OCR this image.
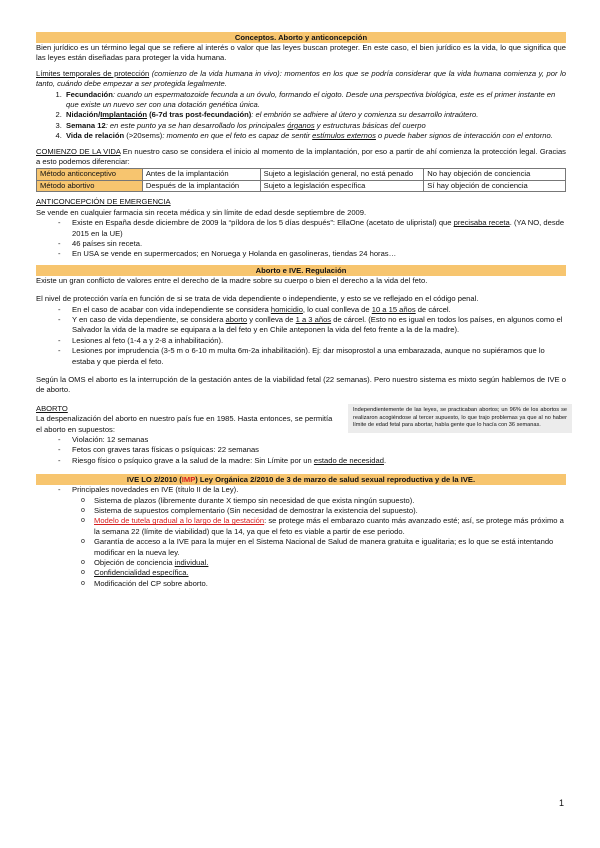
Conceptos. Aborto y anticoncepción

Bien jurídico es un término legal que se refiere al interés o valor que las leyes buscan proteger. En este caso, el bien jurídico es la vida, lo que significa que las leyes están diseñadas para proteger la vida humana.

Límites temporales de protección (comienzo de la vida humana in vivo): momentos en los que se podría considerar que la vida humana comienza y, por lo tanto, cuándo debe empezar a ser protegida legalmente.

1. Fecundación: cuando un espermatozoide fecunda a un óvulo, formando el cigoto. Desde una perspectiva biológica, este es el primer instante en que existe un nuevo ser con una dotación genética única.
2. Nidación/Implantación (6-7d tras post-fecundación): el embrión se adhiere al útero y comienza su desarrollo intraútero.
3. Semana 12: en este punto ya se han desarrollado los principales órganos y estructuras básicas del cuerpo
4. Vida de relación (>20sems): momento en que el feto es capaz de sentir estímulos externos o puede haber signos de interacción con el entorno.

COMIENZO DE LA VIDA En nuestro caso se considera el inicio al momento de la implantación, por eso a partir de ahí comienza la protección legal. Gracias a esto podemos diferenciar:

Método anticonceptivo	Antes de la implantación	Sujeto a legislación general, no está penado	No hay objeción de conciencia
Método abortivo	Después de la implantación	Sujeto a legislación específica	Sí hay objeción de conciencia

ANTICONCEPCIÓN DE EMERGENCIA

Se vende en cualquier farmacia sin receta médica y sin límite de edad desde septiembre de 2009.

- Existe en España desde diciembre de 2009 la “píldora de los 5 días después”: EllaOne (acetato de ulipristal) que precisaba receta. (YA NO, desde 2015 en la UE)
- 46 países sin receta.
- En USA se vende en supermercados; en Noruega y Holanda en gasolineras, tiendas 24 horas…
Aborto e IVE. Regulación

Existe un gran conflicto de valores entre el derecho de la madre sobre su cuerpo o bien el derecho a la vida del feto.

El nivel de protección varía en función de si se trata de vida dependiente o independiente, y esto se ve reflejado en el código penal.

- En el caso de acabar con vida independiente se considera homicidio, lo cual conlleva de 10 a 15 años de cárcel.
- Y en caso de vida dependiente, se considera aborto y conlleva de 1 a 3 años de cárcel. (Esto no es igual en todos los países, en algunos como el Salvador la vida de la madre se equipara a la del feto y en Chile anteponen la vida del feto frente a la de la madre).
- Lesiones al feto (1-4 a y 2-8 a inhabilitación).
- Lesiones por imprudencia (3-5 m o 6-10 m multa 6m-2a inhabilitación). Ej: dar misoprostol a una embarazada, aunque no supiéramos que lo estaba y que pierda el feto.

Según la OMS el aborto es la interrupción de la gestación antes de la viabilidad fetal (22 semanas). Pero nuestro sistema es mixto según hablemos de IVE o de aborto.

ABORTO

La despenalización del aborto en nuestro país fue en 1985. Hasta entonces, se permitía el aborto en supuestos:

- Violación: 12 semanas
- Fetos con graves taras físicas o psíquicas: 22 semanas
- Riesgo físico o psíquico grave a la salud de la madre: Sin Límite por un estado de necesidad.
Independientemente de las leyes, se practicaban abortos; un 96% de los abortos se realizaron acogiéndose al tercer supuesto, lo que trajo problemas ya que al no haber límite de edad fetal para abortar, había gente que lo hacía con 36 semanas.
IVE LO 2/2010 (IMP) Ley Orgánica 2/2010 de 3 de marzo de salud sexual reproductiva y de la IVE.
- Principales novedades en IVE (título II de la Ley).
o Sistema de plazos (libremente durante X tiempo sin necesidad de que exista ningún supuesto).
o Sistema de supuestos complementario (Sin necesidad de demostrar la existencia del supuesto).
o Modelo de tutela gradual a lo largo de la gestación: se protege más el embarazo cuanto más avanzado esté; así, se protege más próximo a la semana 22 (límite de viabilidad) que la 14, ya que el feto es viable a partir de ese periodo.
o Garantía de acceso a la IVE para la mujer en el Sistema Nacional de Salud de manera gratuita e igualitaria; es lo que se está intentando modificar en la nueva ley.
o Objeción de conciencia individual.
o Confidencialidad específica.
o Modificación del CP sobre aborto.
1
